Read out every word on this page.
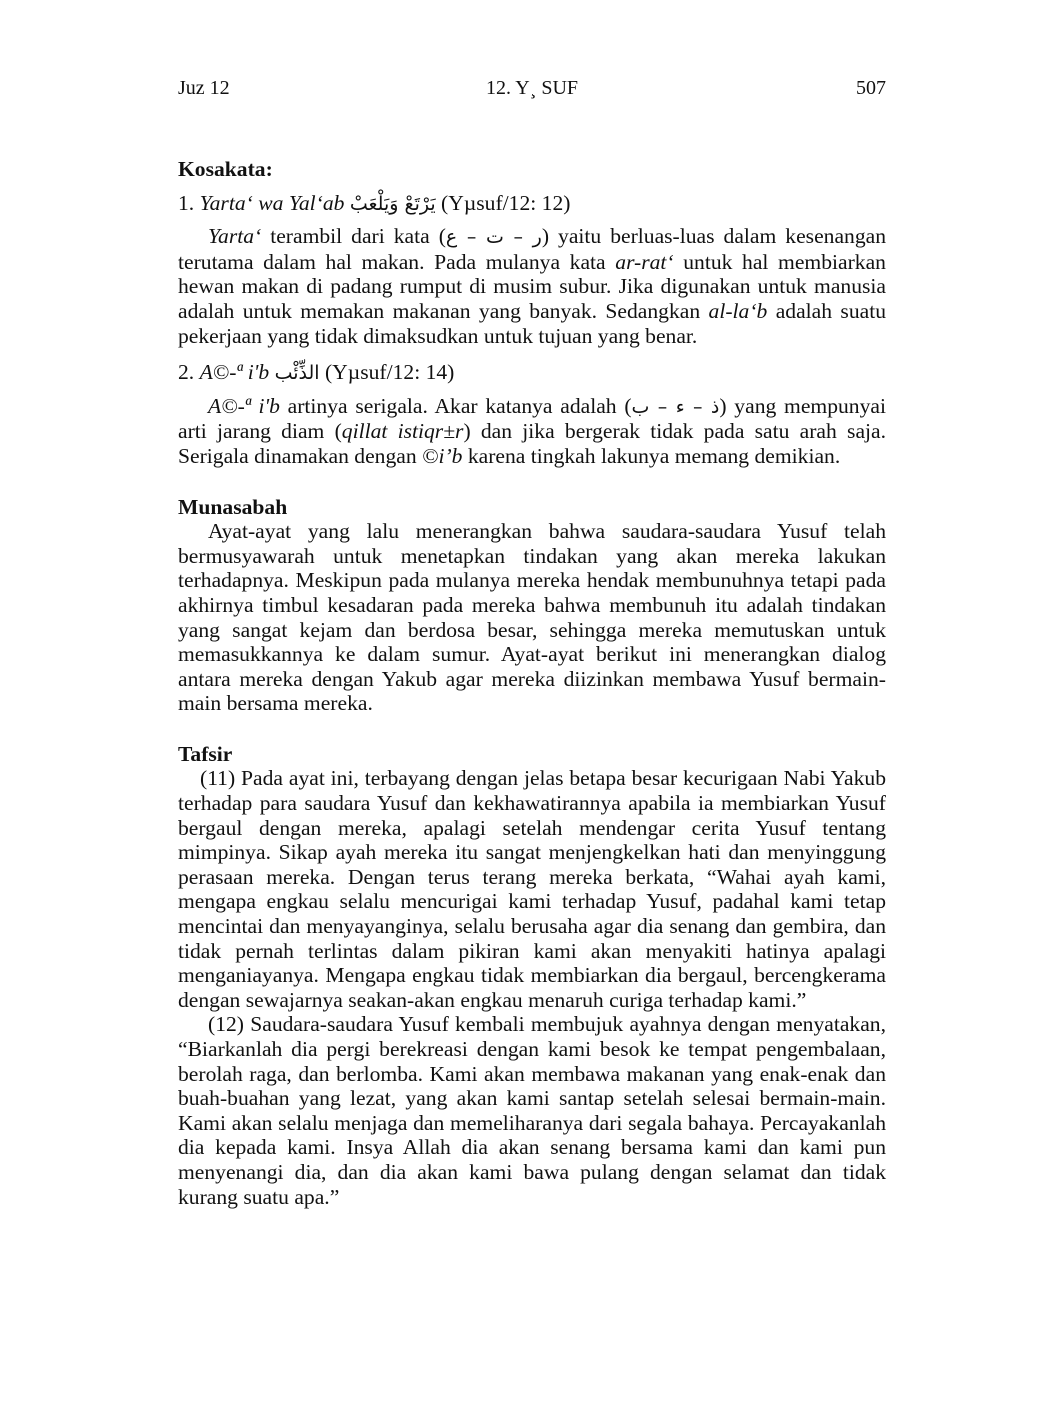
Juz 12	12. Y¸ SUF	507
Kosakata:

1. Yarta‘ wa Yal‘ab يَرْتَعْ وَيَلْعَبْ (Yµsuf/12: 12)

Yarta‘ terambil dari kata (ر – ت – ع) yaitu berluas-luas dalam kesenangan terutama dalam hal makan. Pada mulanya kata ar-rat‘ untuk hal membiarkan hewan makan di padang rumput di musim subur. Jika digunakan untuk manusia adalah untuk memakan makanan yang banyak. Sedangkan al-la‘b adalah suatu pekerjaan yang tidak dimaksudkan untuk tujuan yang benar.

2. A©-ª i'b الذِّئْب (Yµsuf/12: 14)

A©-ª i'b artinya serigala. Akar katanya adalah (ذ – ء – ب) yang mempunyai arti jarang diam (qillat istiqr±r) dan jika bergerak tidak pada satu arah saja. Serigala dinamakan dengan ©i’b karena tingkah lakunya memang demikian.

Munasabah

Ayat-ayat yang lalu menerangkan bahwa saudara-saudara Yusuf telah bermusyawarah untuk menetapkan tindakan yang akan mereka lakukan terhadapnya. Meskipun pada mulanya mereka hendak membunuhnya tetapi pada akhirnya timbul kesadaran pada mereka bahwa membunuh itu adalah tindakan yang sangat kejam dan berdosa besar, sehingga mereka memutuskan untuk memasukkannya ke dalam sumur. Ayat-ayat berikut ini menerangkan dialog antara mereka dengan Yakub agar mereka diizinkan membawa Yusuf bermain-main bersama mereka.

Tafsir

(11) Pada ayat ini, terbayang dengan jelas betapa besar kecurigaan Nabi Yakub terhadap para saudara Yusuf dan kekhawatirannya apabila ia membiarkan Yusuf bergaul dengan mereka, apalagi setelah mendengar cerita Yusuf tentang mimpinya. Sikap ayah mereka itu sangat menjengkelkan hati dan menyinggung perasaan mereka. Dengan terus terang mereka berkata, “Wahai ayah kami, mengapa engkau selalu mencurigai kami terhadap Yusuf, padahal kami tetap mencintai dan menyayanginya, selalu berusaha agar dia senang dan gembira, dan tidak pernah terlintas dalam pikiran kami akan menyakiti hatinya apalagi menganiayanya. Mengapa engkau tidak membiarkan dia bergaul, bercengkerama dengan sewajarnya seakan-akan engkau menaruh curiga terhadap kami.”

(12) Saudara-saudara Yusuf kembali membujuk ayahnya dengan menyatakan, “Biarkanlah dia pergi berekreasi dengan kami besok ke tempat pengembalaan, berolah raga, dan berlomba. Kami akan membawa makanan yang enak-enak dan buah-buahan yang lezat, yang akan kami santap setelah selesai bermain-main. Kami akan selalu menjaga dan memeliharanya dari segala bahaya. Percayakanlah dia kepada kami. Insya Allah dia akan senang bersama kami dan kami pun menyenangi dia, dan dia akan kami bawa pulang dengan selamat dan tidak kurang suatu apa.”
